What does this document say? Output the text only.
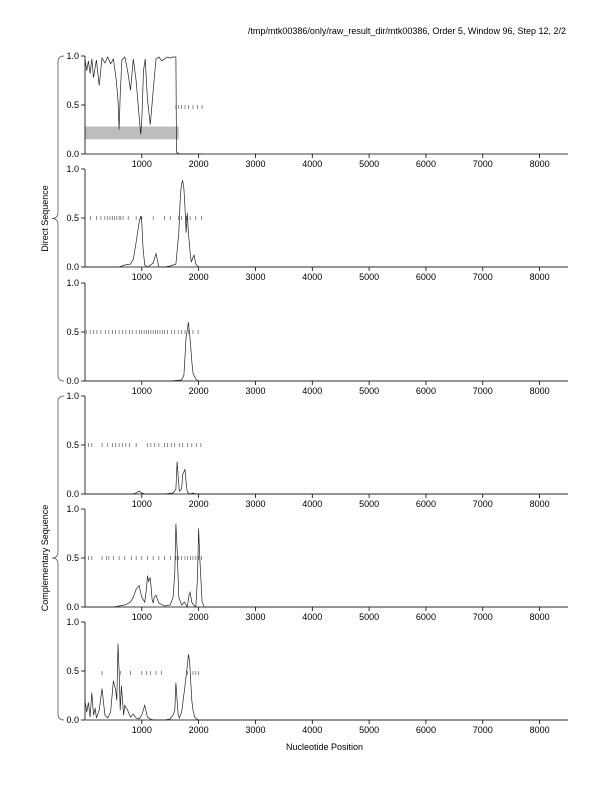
/tmp/mtk00386/only/raw_result_dir/mtk00386, Order 5, Window 96, Step 12, 2/2
0.0
0.5
1.0
1000	2000	3000	4000	5000	6000	7000	8000
0.0
0.5
1.0
1000	2000	3000	4000	5000	6000	7000	8000
0.0
0.5
1.0
1000	2000	3000	4000	5000	6000	7000	8000
0.0
0.5
1.0
1000	2000	3000	4000	5000	6000	7000	8000
0.0
0.5
1.0
1000	2000	3000	4000	5000	6000	7000	8000
0.0
0.5
1.0
1000	2000	3000	4000	5000	6000	7000	8000
Direct Sequence
Complementary Sequence
Nucleotide Position
